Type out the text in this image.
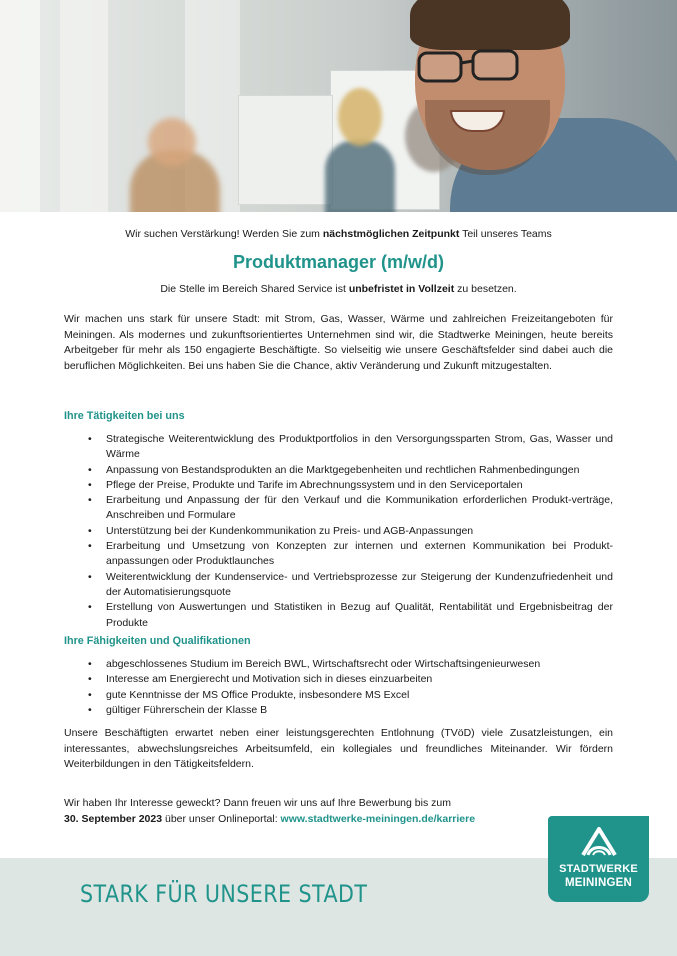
Wir suchen Verstärkung! Werden Sie zum nächstmöglichen Zeitpunkt Teil unseres Teams
Produktmanager (m/w/d)
Die Stelle im Bereich Shared Service ist unbefristet in Vollzeit zu besetzen.

Wir machen uns stark für unsere Stadt: mit Strom, Gas, Wasser, Wärme und zahlreichen Freizeitangeboten für Meiningen. Als modernes und zukunftsorientiertes Unternehmen sind wir, die Stadtwerke Meiningen, heute bereits Arbeitgeber für mehr als 150 engagierte Beschäftigte. So vielseitig wie unsere Geschäftsfelder sind dabei auch die beruflichen Möglichkeiten. Bei uns haben Sie die Chance, aktiv Veränderung und Zukunft mitzugestalten.

Ihre Tätigkeiten bei uns
• Strategische Weiterentwicklung des Produktportfolios in den Versorgungssparten Strom, Gas, Wasser und Wärme
• Anpassung von Bestandsprodukten an die Marktgegebenheiten und rechtlichen Rahmenbedingungen
• Pflege der Preise, Produkte und Tarife im Abrechnungssystem und in den Serviceportalen
• Erarbeitung und Anpassung der für den Verkauf und die Kommunikation erforderlichen Produkt-verträge, Anschreiben und Formulare
• Unterstützung bei der Kundenkommunikation zu Preis- und AGB-Anpassungen
• Erarbeitung und Umsetzung von Konzepten zur internen und externen Kommunikation bei Produkt-anpassungen oder Produktlaunches
• Weiterentwicklung der Kundenservice- und Vertriebsprozesse zur Steigerung der Kundenzufriedenheit und der Automatisierungsquote
• Erstellung von Auswertungen und Statistiken in Bezug auf Qualität, Rentabilität und Ergebnisbeitrag der Produkte
Ihre Fähigkeiten und Qualifikationen
• abgeschlossenes Studium im Bereich BWL, Wirtschaftsrecht oder Wirtschaftsingenieurwesen
• Interesse am Energierecht und Motivation sich in dieses einzuarbeiten
• gute Kenntnisse der MS Office Produkte, insbesondere MS Excel
• gültiger Führerschein der Klasse B

Unsere Beschäftigten erwartet neben einer leistungsgerechten Entlohnung (TVöD) viele Zusatzleistungen, ein interessantes, abwechslungsreiches Arbeitsumfeld, ein kollegiales und freundliches Miteinander. Wir fördern Weiterbildungen in den Tätigkeitsfeldern.

Wir haben Ihr Interesse geweckt? Dann freuen wir uns auf Ihre Bewerbung bis zum
30. September 2023 über unser Onlineportal: www.stadtwerke-meiningen.de/karriere

STARK FÜR UNSERE STADT
STADTWERKE
MEININGEN
